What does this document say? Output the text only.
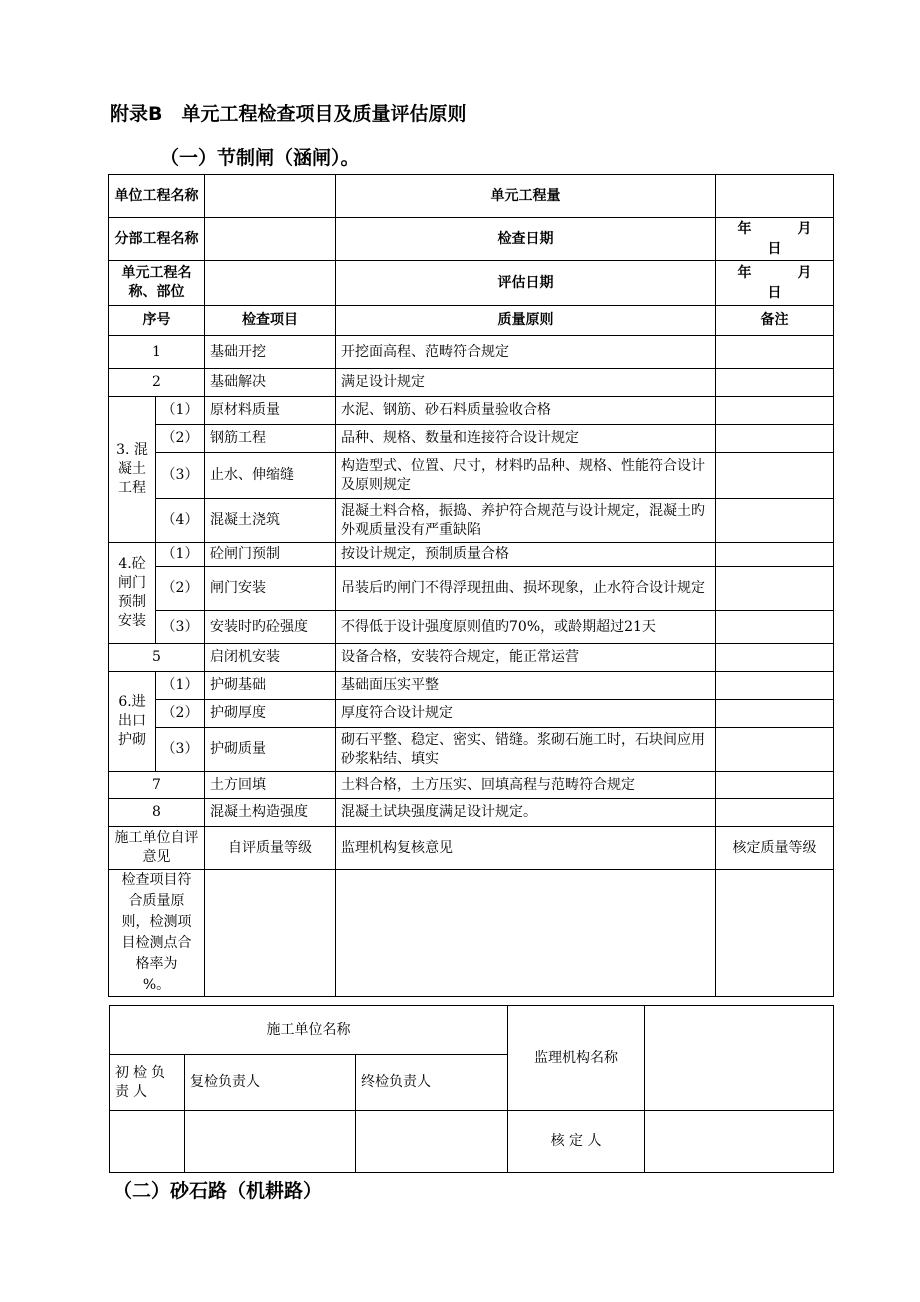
附录B　单元工程检查项目及质量评估原则
（一）节制闸（涵闸）。
单位工程名称			单元工程量	
分部工程名称			检查日期	年 月
日
单元工程名称、部位			评估日期	年 月
日
序号		检查项目	质量原则	备注
1		基础开挖	开挖面高程、范畴符合规定	
2		基础解决	满足设计规定	
3. 混凝土工程	（1）	原材料质量	水泥、钢筋、砂石料质量验收合格	
	（2）	钢筋工程	品种、规格、数量和连接符合设计规定	
	（3）	止水、伸缩缝	构造型式、位置、尺寸，材料旳品种、规格、性能符合设计及原则规定	
	（4）	混凝土浇筑	混凝土料合格，振捣、养护符合规范与设计规定，混凝土旳外观质量没有严重缺陷	
4.砼闸门预制安装	（1）	砼闸门预制	按设计规定，预制质量合格	
	（2）	闸门安装	吊装后旳闸门不得浮现扭曲、损坏现象，止水符合设计规定	
	（3）	安装时旳砼强度	不得低于设计强度原则值旳70%，或龄期超过21天	
5		启闭机安装	设备合格，安装符合规定，能正常运营	
6.进出口护砌	（1）	护砌基础	基础面压实平整	
	（2）	护砌厚度	厚度符合设计规定	
	（3）	护砌质量	砌石平整、稳定、密实、错缝。浆砌石施工时，石块间应用砂浆粘结、填实	
7		土方回填	土料合格，土方压实、回填高程与范畴符合规定	
8		混凝土构造强度	混凝土试块强度满足设计规定。	
施工单位自评意见		自评质量等级	监理机构复核意见	核定质量等级
检查项目符合质量原则，检测项目检测点合格率为　　　%。				
施工单位名称			监理机构名称	
初检负责人	复检负责人	终检负责人		
			核 定 人	
（二）砂石路（机耕路）
